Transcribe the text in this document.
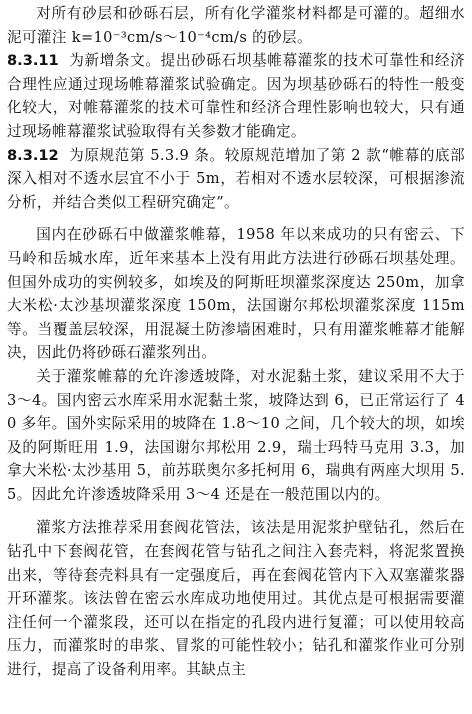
对所有砂层和砂砾石层，所有化学灌浆材料都是可灌的。超细水泥可灌注 k=10⁻³cm/s～10⁻⁴cm/s 的砂层。

8.3.11 为新增条文。提出砂砾石坝基帷幕灌浆的技术可靠性和经济合理性应通过现场帷幕灌浆试验确定。因为坝基砂砾石的特性一般变化较大，对帷幕灌浆的技术可靠性和经济合理性影响也较大，只有通过现场帷幕灌浆试验取得有关参数才能确定。

8.3.12 为原规范第 5.3.9 条。较原规范增加了第 2 款“帷幕的底部深入相对不透水层宜不小于 5m，若相对不透水层较深，可根据渗流分析，并结合类似工程研究确定”。

国内在砂砾石中做灌浆帷幕，1958 年以来成功的只有密云、下马岭和岳城水库，近年来基本上没有用此方法进行砂砾石坝基处理。但国外成功的实例较多，如埃及的阿斯旺坝灌浆深度达 250m，加拿大米松·太沙基坝灌浆深度 150m，法国谢尔邦松坝灌浆深度 115m 等。当覆盖层较深，用混凝土防渗墙困难时，只有用灌浆帷幕才能解决，因此仍将砂砾石灌浆列出。

关于灌浆帷幕的允许渗透坡降，对水泥黏土浆，建议采用不大于 3～4。国内密云水库采用水泥黏土浆，坡降达到 6，已正常运行了 40 多年。国外实际采用的坡降在 1.8～10 之间，几个较大的坝，如埃及的阿斯旺用 1.9，法国谢尔邦松用 2.9，瑞士玛特马克用 3.3，加拿大米松·太沙基用 5，前苏联奥尔多托柯用 6，瑞典有两座大坝用 5.5。因此允许渗透坡降采用 3～4 还是在一般范围以内的。

灌浆方法推荐采用套阀花管法，该法是用泥浆护壁钻孔，然后在钻孔中下套阀花管，在套阀花管与钻孔之间注入套壳料，将泥浆置换出来，等待套壳料具有一定强度后，再在套阀花管内下入双塞灌浆器开环灌浆。该法曾在密云水库成功地使用过。其优点是可根据需要灌注任何一个灌浆段，还可以在指定的孔段内进行复灌；可以使用较高压力，而灌浆时的串浆、冒浆的可能性较小；钻孔和灌浆作业可分别进行，提高了设备利用率。其缺点主
